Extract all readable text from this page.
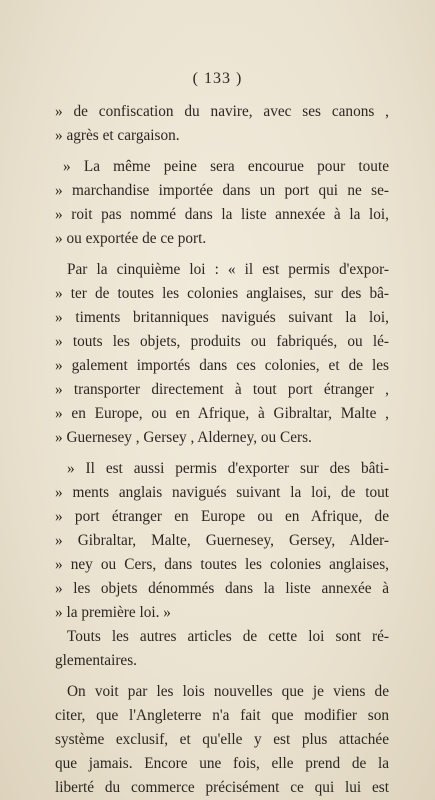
( 133 )
» de confiscation du navire, avec ses canons ,
» agrès et cargaison.
» La même peine sera encourue pour toute
» marchandise importée dans un port qui ne se-
» roit pas nommé dans la liste annexée à la loi,
» ou exportée de ce port.
Par la cinquième loi : « il est permis d'expor-
» ter de toutes les colonies anglaises, sur des bâ-
» timents britanniques navigués suivant la loi,
» touts les objets, produits ou fabriqués, ou lé-
» galement importés dans ces colonies, et de les
» transporter directement à tout port étranger ,
» en Europe, ou en Afrique, à Gibraltar, Malte ,
» Guernesey , Gersey , Alderney, ou Cers.
» Il est aussi permis d'exporter sur des bâti-
» ments anglais navigués suivant la loi, de tout
» port étranger en Europe ou en Afrique, de
» Gibraltar, Malte, Guernesey, Gersey, Alder-
» ney ou Cers, dans toutes les colonies anglaises,
» les objets dénommés dans la liste annexée à
» la première loi. »
Touts les autres articles de cette loi sont ré-
glementaires.
On voit par les lois nouvelles que je viens de
citer, que l'Angleterre n'a fait que modifier son
système exclusif, et qu'elle y est plus attachée
que jamais. Encore une fois, elle prend de la
liberté du commerce précisément ce qui lui est
